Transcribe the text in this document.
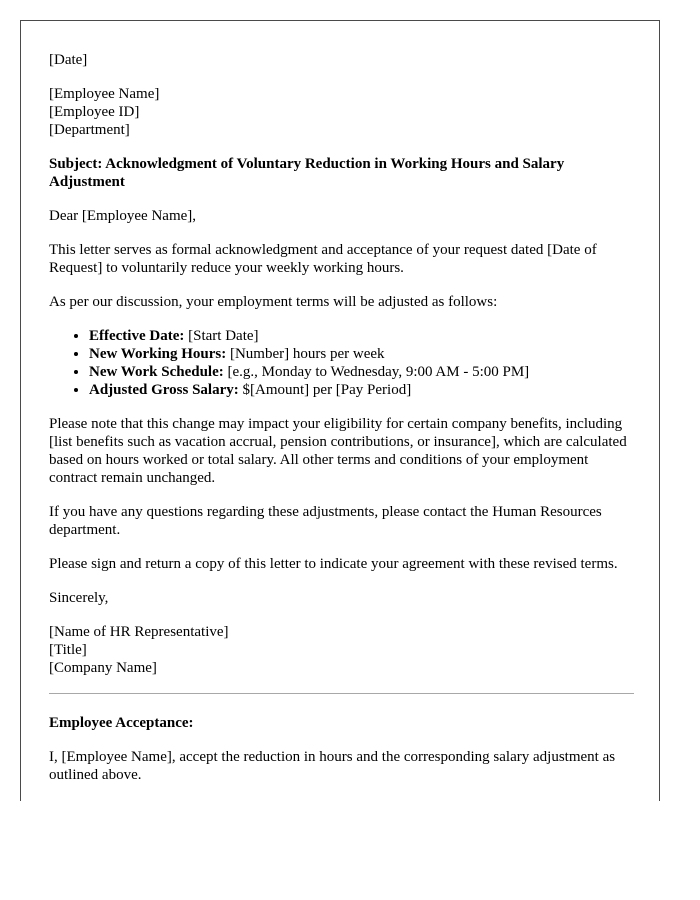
[Date]

[Employee Name]
[Employee ID]
[Department]

Subject: Acknowledgment of Voluntary Reduction in Working Hours and Salary Adjustment

Dear [Employee Name],

This letter serves as formal acknowledgment and acceptance of your request dated [Date of Request] to voluntarily reduce your weekly working hours.

As per our discussion, your employment terms will be adjusted as follows:

• Effective Date: [Start Date]
• New Working Hours: [Number] hours per week
• New Work Schedule: [e.g., Monday to Wednesday, 9:00 AM - 5:00 PM]
• Adjusted Gross Salary: $[Amount] per [Pay Period]

Please note that this change may impact your eligibility for certain company benefits, including [list benefits such as vacation accrual, pension contributions, or insurance], which are calculated based on hours worked or total salary. All other terms and conditions of your employment contract remain unchanged.

If you have any questions regarding these adjustments, please contact the Human Resources department.

Please sign and return a copy of this letter to indicate your agreement with these revised terms.

Sincerely,

[Name of HR Representative]
[Title]
[Company Name]

Employee Acceptance:

I, [Employee Name], accept the reduction in hours and the corresponding salary adjustment as outlined above.
